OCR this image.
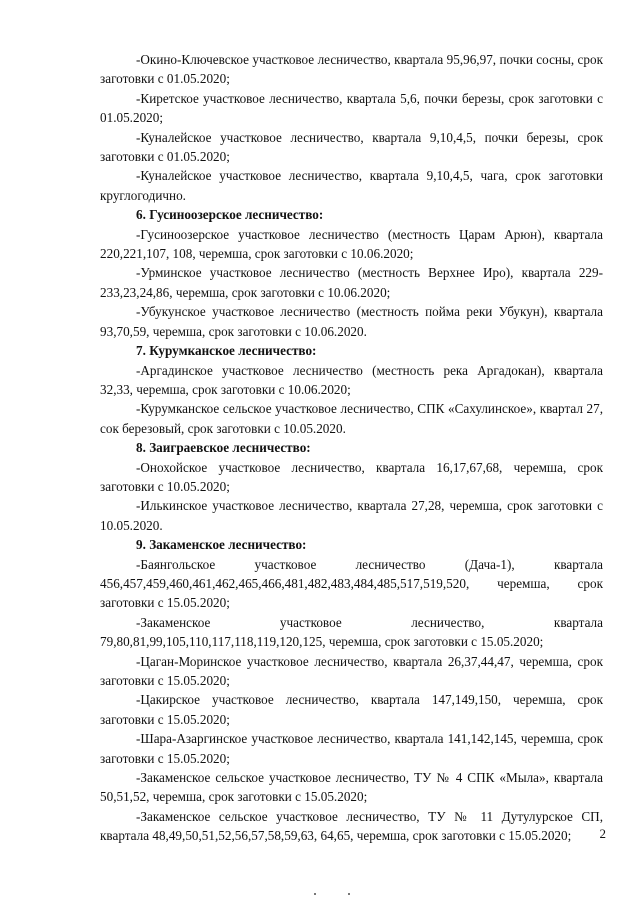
-Окино-Ключевское участковое лесничество, квартала 95,96,97, почки сосны, срок заготовки с 01.05.2020;

-Киретское участковое лесничество, квартала 5,6, почки березы, срок заготовки с 01.05.2020;

-Куналейское участковое лесничество, квартала 9,10,4,5, почки березы, срок заготовки с 01.05.2020;

-Куналейское участковое лесничество, квартала 9,10,4,5, чага, срок заготовки круглогодично.

6. Гусиноозерское лесничество:

-Гусиноозерское участковое лесничество (местность Царам Арюн), квартала 220,221,107, 108, черемша, срок заготовки с 10.06.2020;

-Урминское участковое лесничество (местность Верхнее Иро), квартала 229-233,23,24,86, черемша, срок заготовки с 10.06.2020;

-Убукунское участковое лесничество (местность поймa реки Убукун), квартала 93,70,59, черемша, срок заготовки с 10.06.2020.

7. Курумканское лесничество:

-Аргадинское участковое лесничество (местность река Аргадокан), квартала 32,33, черемша, срок заготовки с 10.06.2020;

-Курумканское сельское участковое лесничество, СПК «Сахулинское», квартал 27, сок березовый, срок заготовки с 10.05.2020.

8. Заиграевское лесничество:

-Онохойское участковое лесничество, квартала 16,17,67,68, черемша, срок заготовки с 10.05.2020;

-Илькинское участковое лесничество, квартала 27,28, черемша, срок заготовки с 10.05.2020.

9. Закаменское лесничество:

-Баянгольское участковое лесничество (Дача-1), квартала 456,457,459,460,461,462,465,466,481,482,483,484,485,517,519,520, черемша, срок заготовки с 15.05.2020;

-Закаменское участковое лесничество, квартала 79,80,81,99,105,110,117,118,119,120,125, черемша, срок заготовки с 15.05.2020;

-Цаган-Моринское участковое лесничество, квартала 26,37,44,47, черемша, срок заготовки с 15.05.2020;

-Цакирское участковое лесничество, квартала 147,149,150, черемша, срок заготовки с 15.05.2020;

-Шара-Азаргинское участковое лесничество, квартала 141,142,145, черемша, срок заготовки с 15.05.2020;

-Закаменское сельское участковое лесничество, ТУ № 4 СПК «Мыла», квартала 50,51,52, черемша, срок заготовки с 15.05.2020;

-Закаменское сельское участковое лесничество, ТУ № 11 Дутулурское СП, квартала 48,49,50,51,52,56,57,58,59,63, 64,65, черемша, срок заготовки с 15.05.2020;	2
